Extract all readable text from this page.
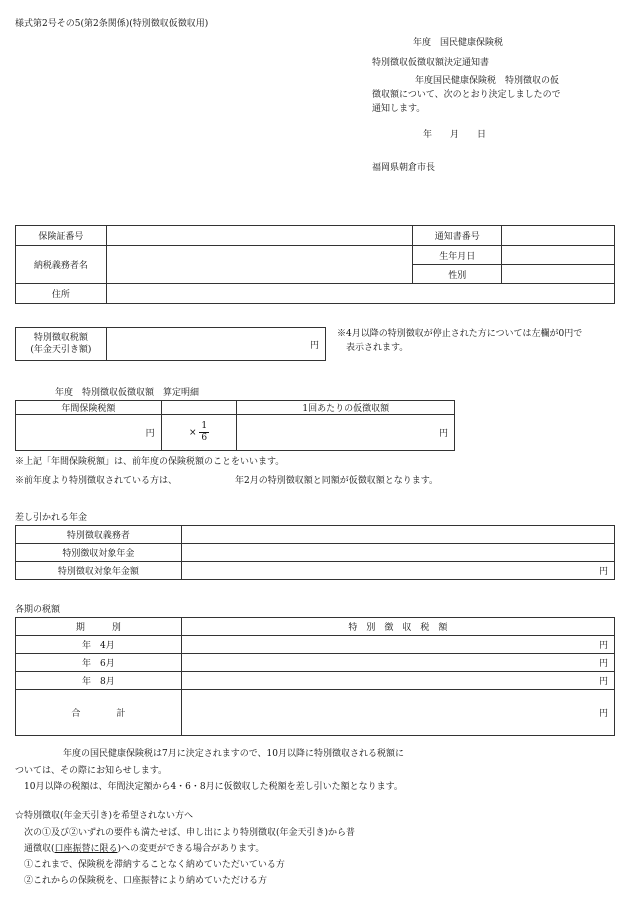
様式第2号その5(第2条関係)(特別徴収仮徴収用)
年度　国民健康保険税
特別徴収仮徴収額決定通知書
年度国民健康保険税　特別徴収の仮
徴収額について、次のとおり決定しましたので
通知します。
年　　月　　日
福岡県朝倉市長
保険証番号		通知書番号	
納税義務者名		生年月日	
		性別	
住所			
特別徴収税額
(年金天引き額)	円
※4月以降の特別徴収が停止された方については左欄が0円で
表示されます。
年度　特別徴収仮徴収額　算定明細
年間保険税額		1回あたりの仮徴収額
円	× $\frac{1}{6}$	円
※上記「年間保険税額」は、前年度の保険税額のことをいいます。
※前年度より特別徴収されている方は、	年2月の特別徴収額と同額が仮徴収額となります。
差し引かれる年金
特別徴収義務者	
特別徴収対象年金	
特別徴収対象年金額	円
各期の税額
期　　　別	特　別　徴　収　税　額
年　4月	円
年　6月	円
年　8月	円
合　　　　計	円
年度の国民健康保険税は7月に決定されますので、10月以降に特別徴収される税額に
ついては、その際にお知らせします。
10月以降の税額は、年間決定額から4・6・8月に仮徴収した税額を差し引いた額となります。
☆特別徴収(年金天引き)を希望されない方へ
次の①及び②いずれの要件も満たせば、申し出により特別徴収(年金天引き)から普
通徴収(口座振替に限る)への変更ができる場合があります。
①これまで、保険税を滞納することなく納めていただいている方
②これからの保険税を、口座振替により納めていただける方
